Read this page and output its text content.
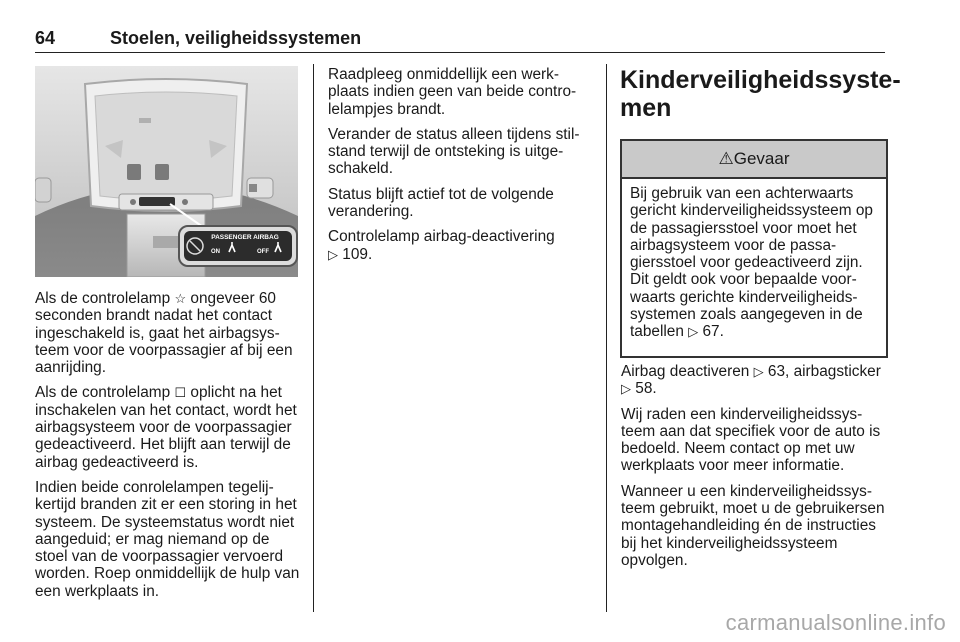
64	Stoelen, veiligheidssystemen
PASSENGER AIRBAG
ON	OFF

Als de controlelamp ☆ ongeveer 60 seconden brandt nadat het contact ingeschakeld is, gaat het airbagsysteem voor de voorpassagier af bij een aanrijding.

Als de controlelamp ☐ oplicht na het inschakelen van het contact, wordt het airbagsysteem voor de voorpassagier gedeactiveerd. Het blijft aan terwijl de airbag gedeactiveerd is.

Indien beide conrolelampen tegelijkertijd branden zit er een storing in het systeem. De systeemstatus wordt niet aangeduid; er mag niemand op de stoel van de voorpassagier vervoerd worden. Roep onmiddellijk de hulp van een werkplaats in.

Raadpleeg onmiddellijk een werkplaats indien geen van beide controlelampjes brandt.

Verander de status alleen tijdens stilstand terwijl de ontsteking is uitgeschakeld.

Status blijft actief tot de volgende verandering.

Controlelamp airbag-deactivering
▷ 109.

Kinderveiligheidssystemen
⚠ Gevaar
Bij gebruik van een achterwaarts gericht kinderveiligheidssysteem op de passagiersstoel voor moet het airbagsysteem voor de passagiersstoel voor gedeactiveerd zijn. Dit geldt ook voor bepaalde voorwaarts gerichte kinderveiligheidssystemen zoals aangegeven in de tabellen ▷ 67.

Airbag deactiveren ▷ 63, airbagsticker ▷ 58.

Wij raden een kinderveiligheidssysteem aan dat specifiek voor de auto is bedoeld. Neem contact op met uw werkplaats voor meer informatie.

Wanneer u een kinderveiligheidssysteem gebruikt, moet u de gebruikersen montagehandleiding én de instructies bij het kinderveiligheidssysteem opvolgen.

carmanualsonline.info
